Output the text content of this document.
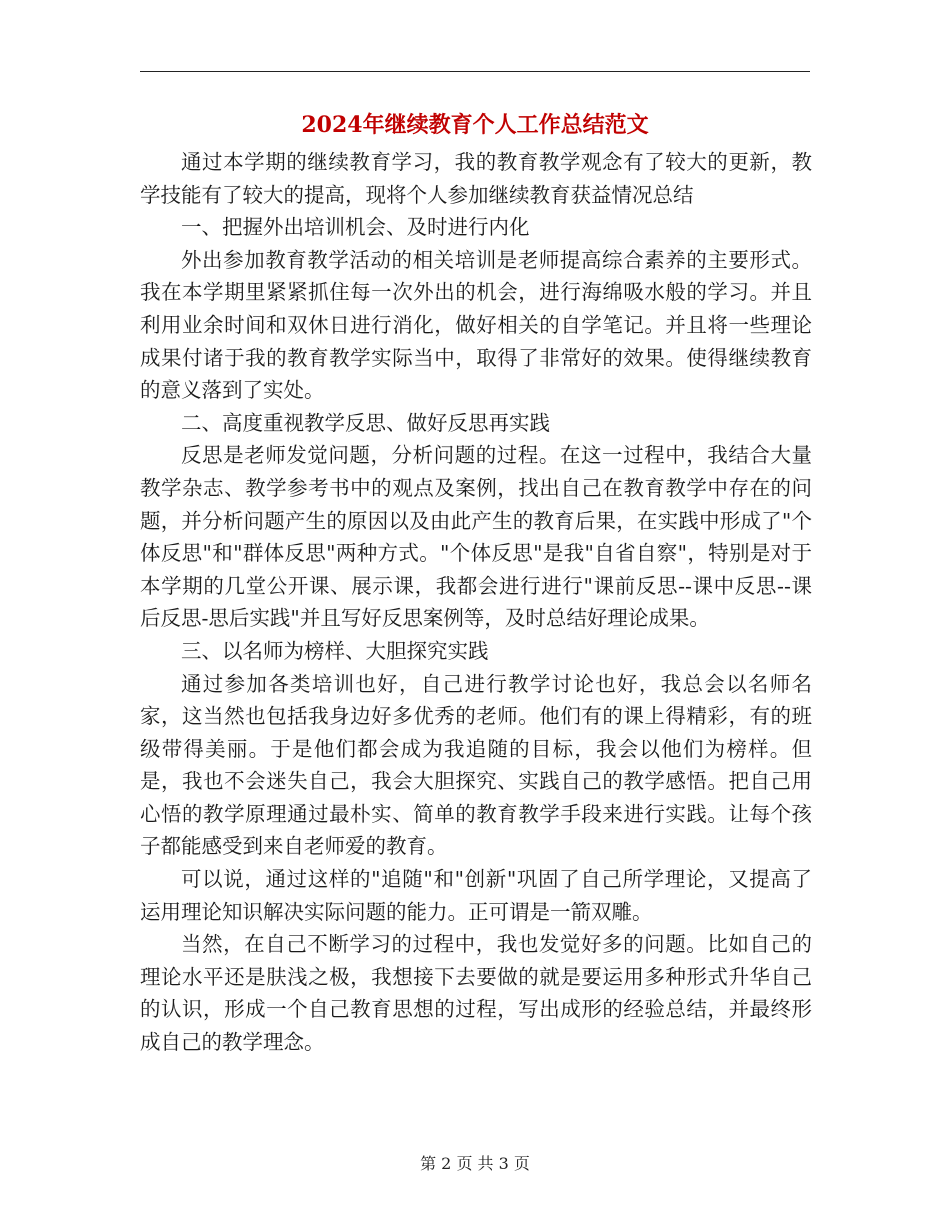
2024年继续教育个人工作总结范文

通过本学期的继续教育学习，我的教育教学观念有了较大的更新，教学技能有了较大的提高，现将个人参加继续教育获益情况总结

一、把握外出培训机会、及时进行内化

外出参加教育教学活动的相关培训是老师提高综合素养的主要形式。我在本学期里紧紧抓住每一次外出的机会，进行海绵吸水般的学习。并且利用业余时间和双休日进行消化，做好相关的自学笔记。并且将一些理论成果付诸于我的教育教学实际当中，取得了非常好的效果。使得继续教育的意义落到了实处。

二、高度重视教学反思、做好反思再实践

反思是老师发觉问题，分析问题的过程。在这一过程中，我结合大量教学杂志、教学参考书中的观点及案例，找出自己在教育教学中存在的问题，并分析问题产生的原因以及由此产生的教育后果，在实践中形成了"个体反思"和"群体反思"两种方式。"个体反思"是我"自省自察"，特别是对于本学期的几堂公开课、展示课，我都会进行进行"课前反思--课中反思--课后反思-思后实践"并且写好反思案例等，及时总结好理论成果。

三、以名师为榜样、大胆探究实践

通过参加各类培训也好，自己进行教学讨论也好，我总会以名师名家，这当然也包括我身边好多优秀的老师。他们有的课上得精彩，有的班级带得美丽。于是他们都会成为我追随的目标，我会以他们为榜样。但是，我也不会迷失自己，我会大胆探究、实践自己的教学感悟。把自己用心悟的教学原理通过最朴实、简单的教育教学手段来进行实践。让每个孩子都能感受到来自老师爱的教育。

可以说，通过这样的"追随"和"创新"巩固了自己所学理论，又提高了运用理论知识解决实际问题的能力。正可谓是一箭双雕。

当然，在自己不断学习的过程中，我也发觉好多的问题。比如自己的理论水平还是肤浅之极，我想接下去要做的就是要运用多种形式升华自己的认识，形成一个自己教育思想的过程，写出成形的经验总结，并最终形成自己的教学理念。

第 2 页 共 3 页
